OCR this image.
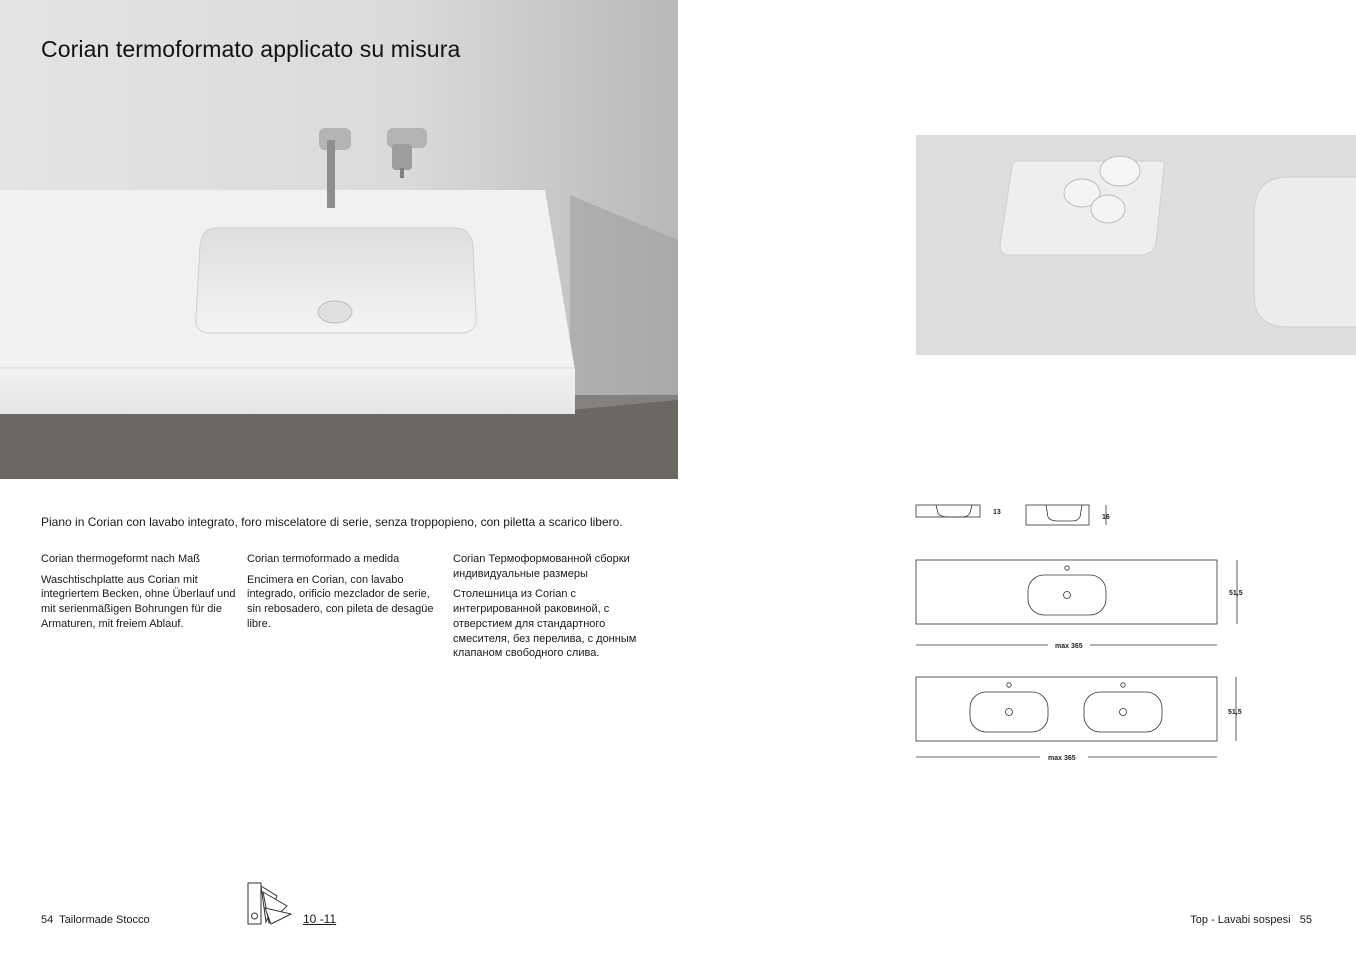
Corian termoformato applicato su misura

Piano in Corian con lavabo integrato, foro miscelatore di serie, senza troppopieno, con piletta a scarico libero.

Corian thermogeformt nach Maß
Waschtischplatte aus Corian mit integriertem Becken, ohne Überlauf und mit serienmäßigen Bohrungen für die Armaturen, mit freiem Ablauf.
Corian termoformado a medida
Encimera en Corian, con lavabo integrado, orificio mezclador de serie, sin rebosadero, con pileta de desagüe libre.
Corian Термоформованной сборки индивидуальные размеры
Столешница из Corian с интегрированной раковиной, с отверстием для стандартного смесителя, без перелива, с донным клапаном свободного слива.
13
16
51,5
max 365
51,5
max 365
54 Tailormade Stocco	10 -11	Top - Lavabi sospesi 55
